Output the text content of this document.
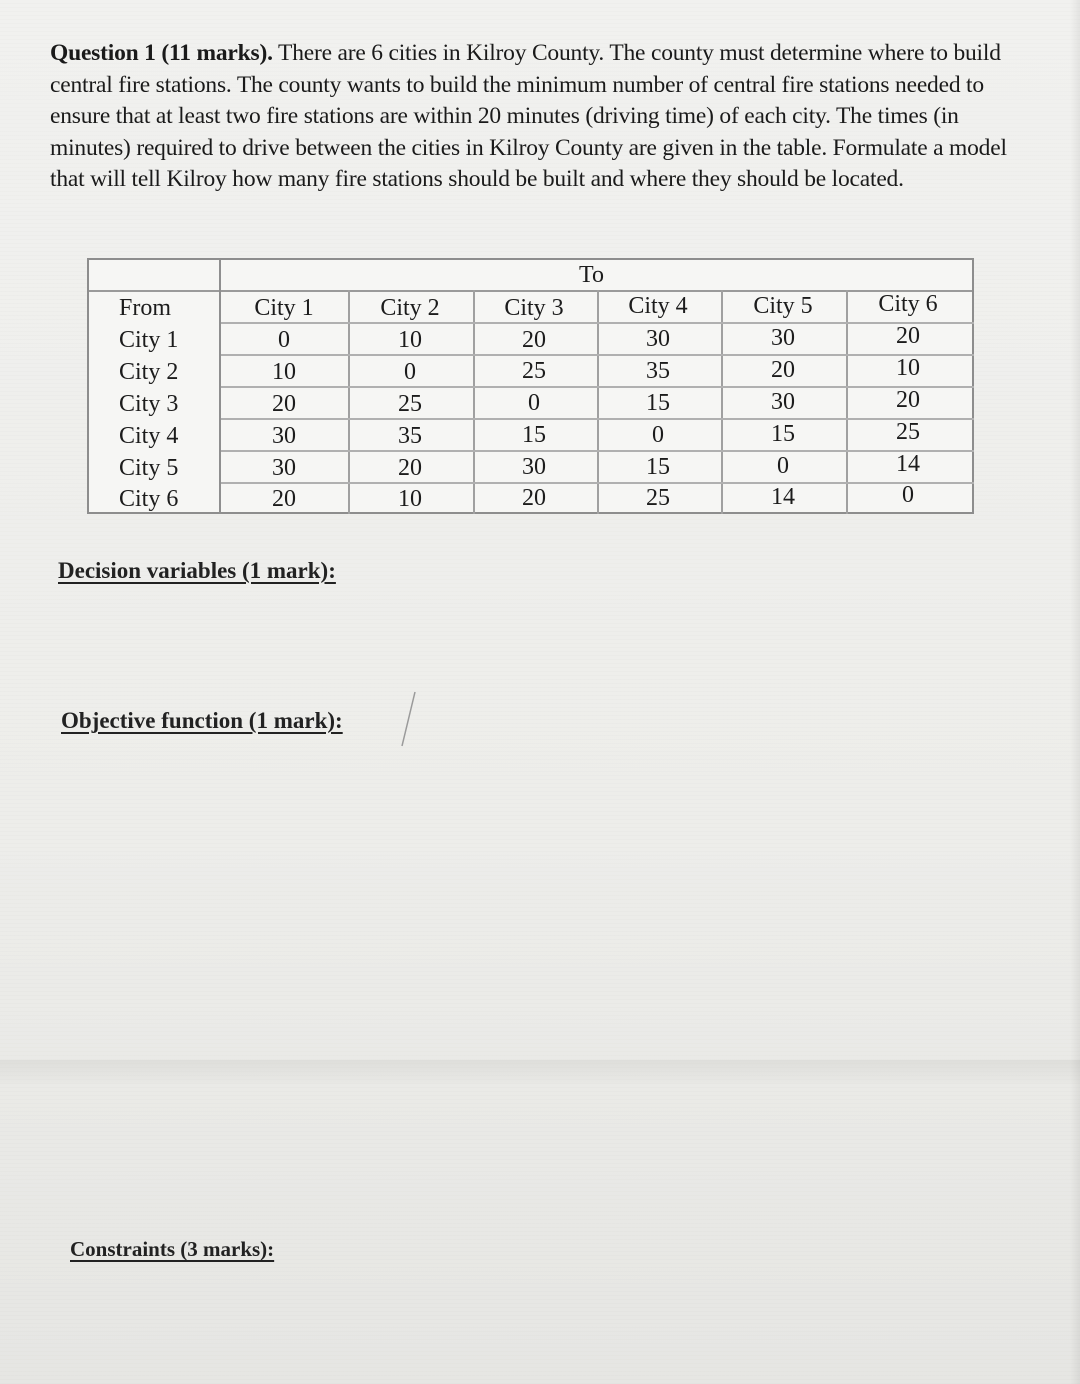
Question 1 (11 marks). There are 6 cities in Kilroy County. The county must determine where to build central fire stations. The county wants to build the minimum number of central fire stations needed to ensure that at least two fire stations are within 20 minutes (driving time) of each city. The times (in minutes) required to drive between the cities in Kilroy County are given in the table. Formulate a model that will tell Kilroy how many fire stations should be built and where they should be located.
To
From	City 1	City 2	City 3	City 4	City 5	City 6
City 1	0	10	20	30	30	20
City 2	10	0	25	35	20	10
City 3	20	25	0	15	30	20
City 4	30	35	15	0	15	25
City 5	30	20	30	15	0	14
City 6	20	10	20	25	14	0
Decision variables (1 mark):
Objective function (1 mark):
Constraints (3 marks):
